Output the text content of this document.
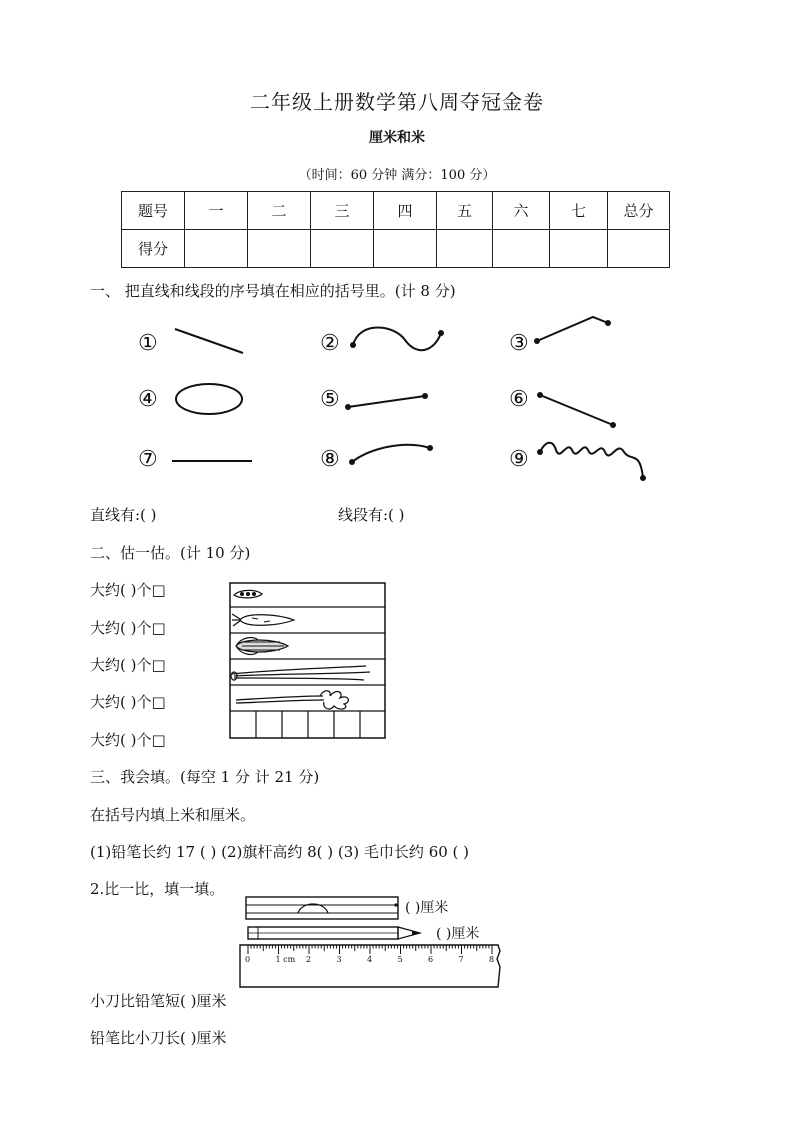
二年级上册数学第八周夺冠金卷
厘米和米
（时间：60 分钟 满分：100 分）
题号	一	二	三	四	五	六	七	总分
得分								
一、 把直线和线段的序号填在相应的括号里。(计 8 分)
①	②	③
④	⑤	⑥
⑦	⑧	⑨
直线有:( )	线段有:( )
二、估一估。(计 10 分)
大约( )个□
大约( )个□
大约( )个□
大约( )个□
大约( )个□
三、我会填。(每空 1 分 计 21 分)
在括号内填上米和厘米。
(1)铅笔长约 17 ( ) (2)旗杆高约 8( ) (3) 毛巾长约 60 ( )
2.比一比，填一填。
( )厘米
( )厘米
0	1 cm 2	3	4	5	6	7	8
小刀比铅笔短( )厘米
铅笔比小刀长( )厘米
